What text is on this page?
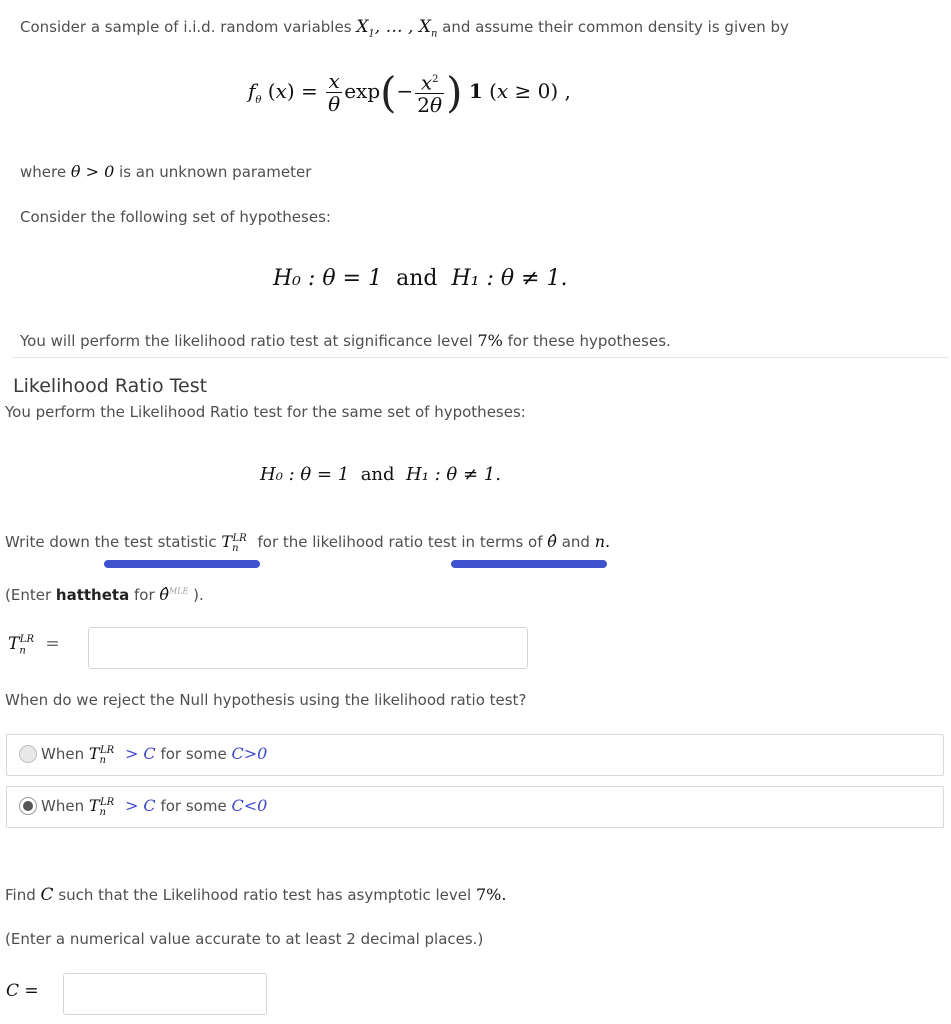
Consider a sample of i.i.d. random variables $X_1$, … , $X_n$ and assume their common density is given by
$f_\theta$ $(x) = \frac{x}{\theta} \exp(- \frac{x^2}{2\theta}$ ) 1 (x ≥ 0) ,
where θ > 0 is an unknown parameter
Consider the following set of hypotheses:
H₀ : θ = 1 and H₁ : θ ≠ 1.
You will perform the likelihood ratio test at significance level 7% for these hypotheses.
Likelihood Ratio Test
You perform the Likelihood Ratio test for the same set of hypotheses:
H₀ : θ = 1 and H₁ : θ ≠ 1.
Write down the test statistic $T_n^{LR}$ for the likelihood ratio test in terms of θ̂ and n.
(Enter hattheta for θ̂$^{MLE}$ ).
$T_n^{LR}$ =
When do we reject the Null hypothesis using the likelihood ratio test?
When $T_n^{LR} > C$ for some C>0
When $T_n^{LR} > C$ for some C<0
Find C such that the Likelihood ratio test has asymptotic level 7%.
(Enter a numerical value accurate to at least 2 decimal places.)
C =
